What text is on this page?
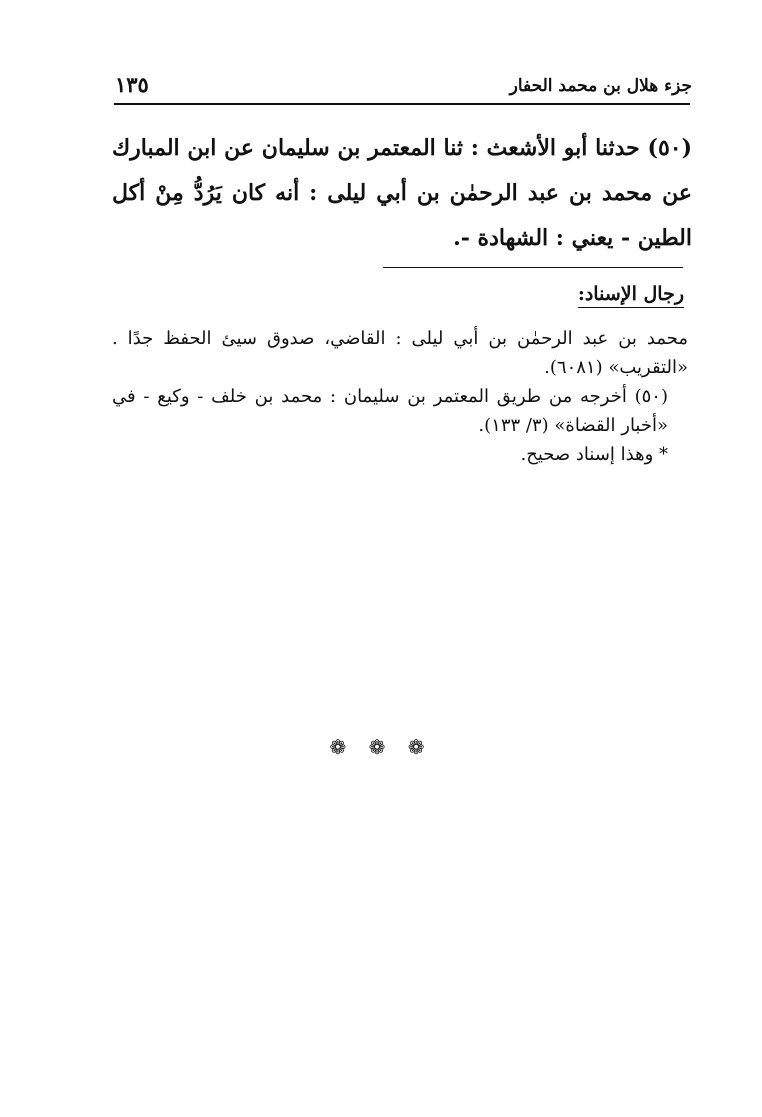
١٣٥	جزء هلال بن محمد الحفار
(٥٠) حدثنا أبو الأشعث : ثنا المعتمر بن سليمان عن ابن المبارك عن محمد بن عبد الرحمٰن بن أبي ليلى : أنه كان يَرُدُّ مِنْ أكل الطين - يعني : الشهادة -.
رجال الإسناد:

محمد بن عبد الرحمٰن بن أبي ليلى : القاضي، صدوق سيئ الحفظ جدًا . «التقريب» (٦٠٨١).

(٥٠) أخرجه من طريق المعتمر بن سليمان : محمد بن خلف - وكيع - في «أخبار القضاة» (٣/ ١٣٣).

* وهذا إسناد صحيح.

❁ ❁ ❁
